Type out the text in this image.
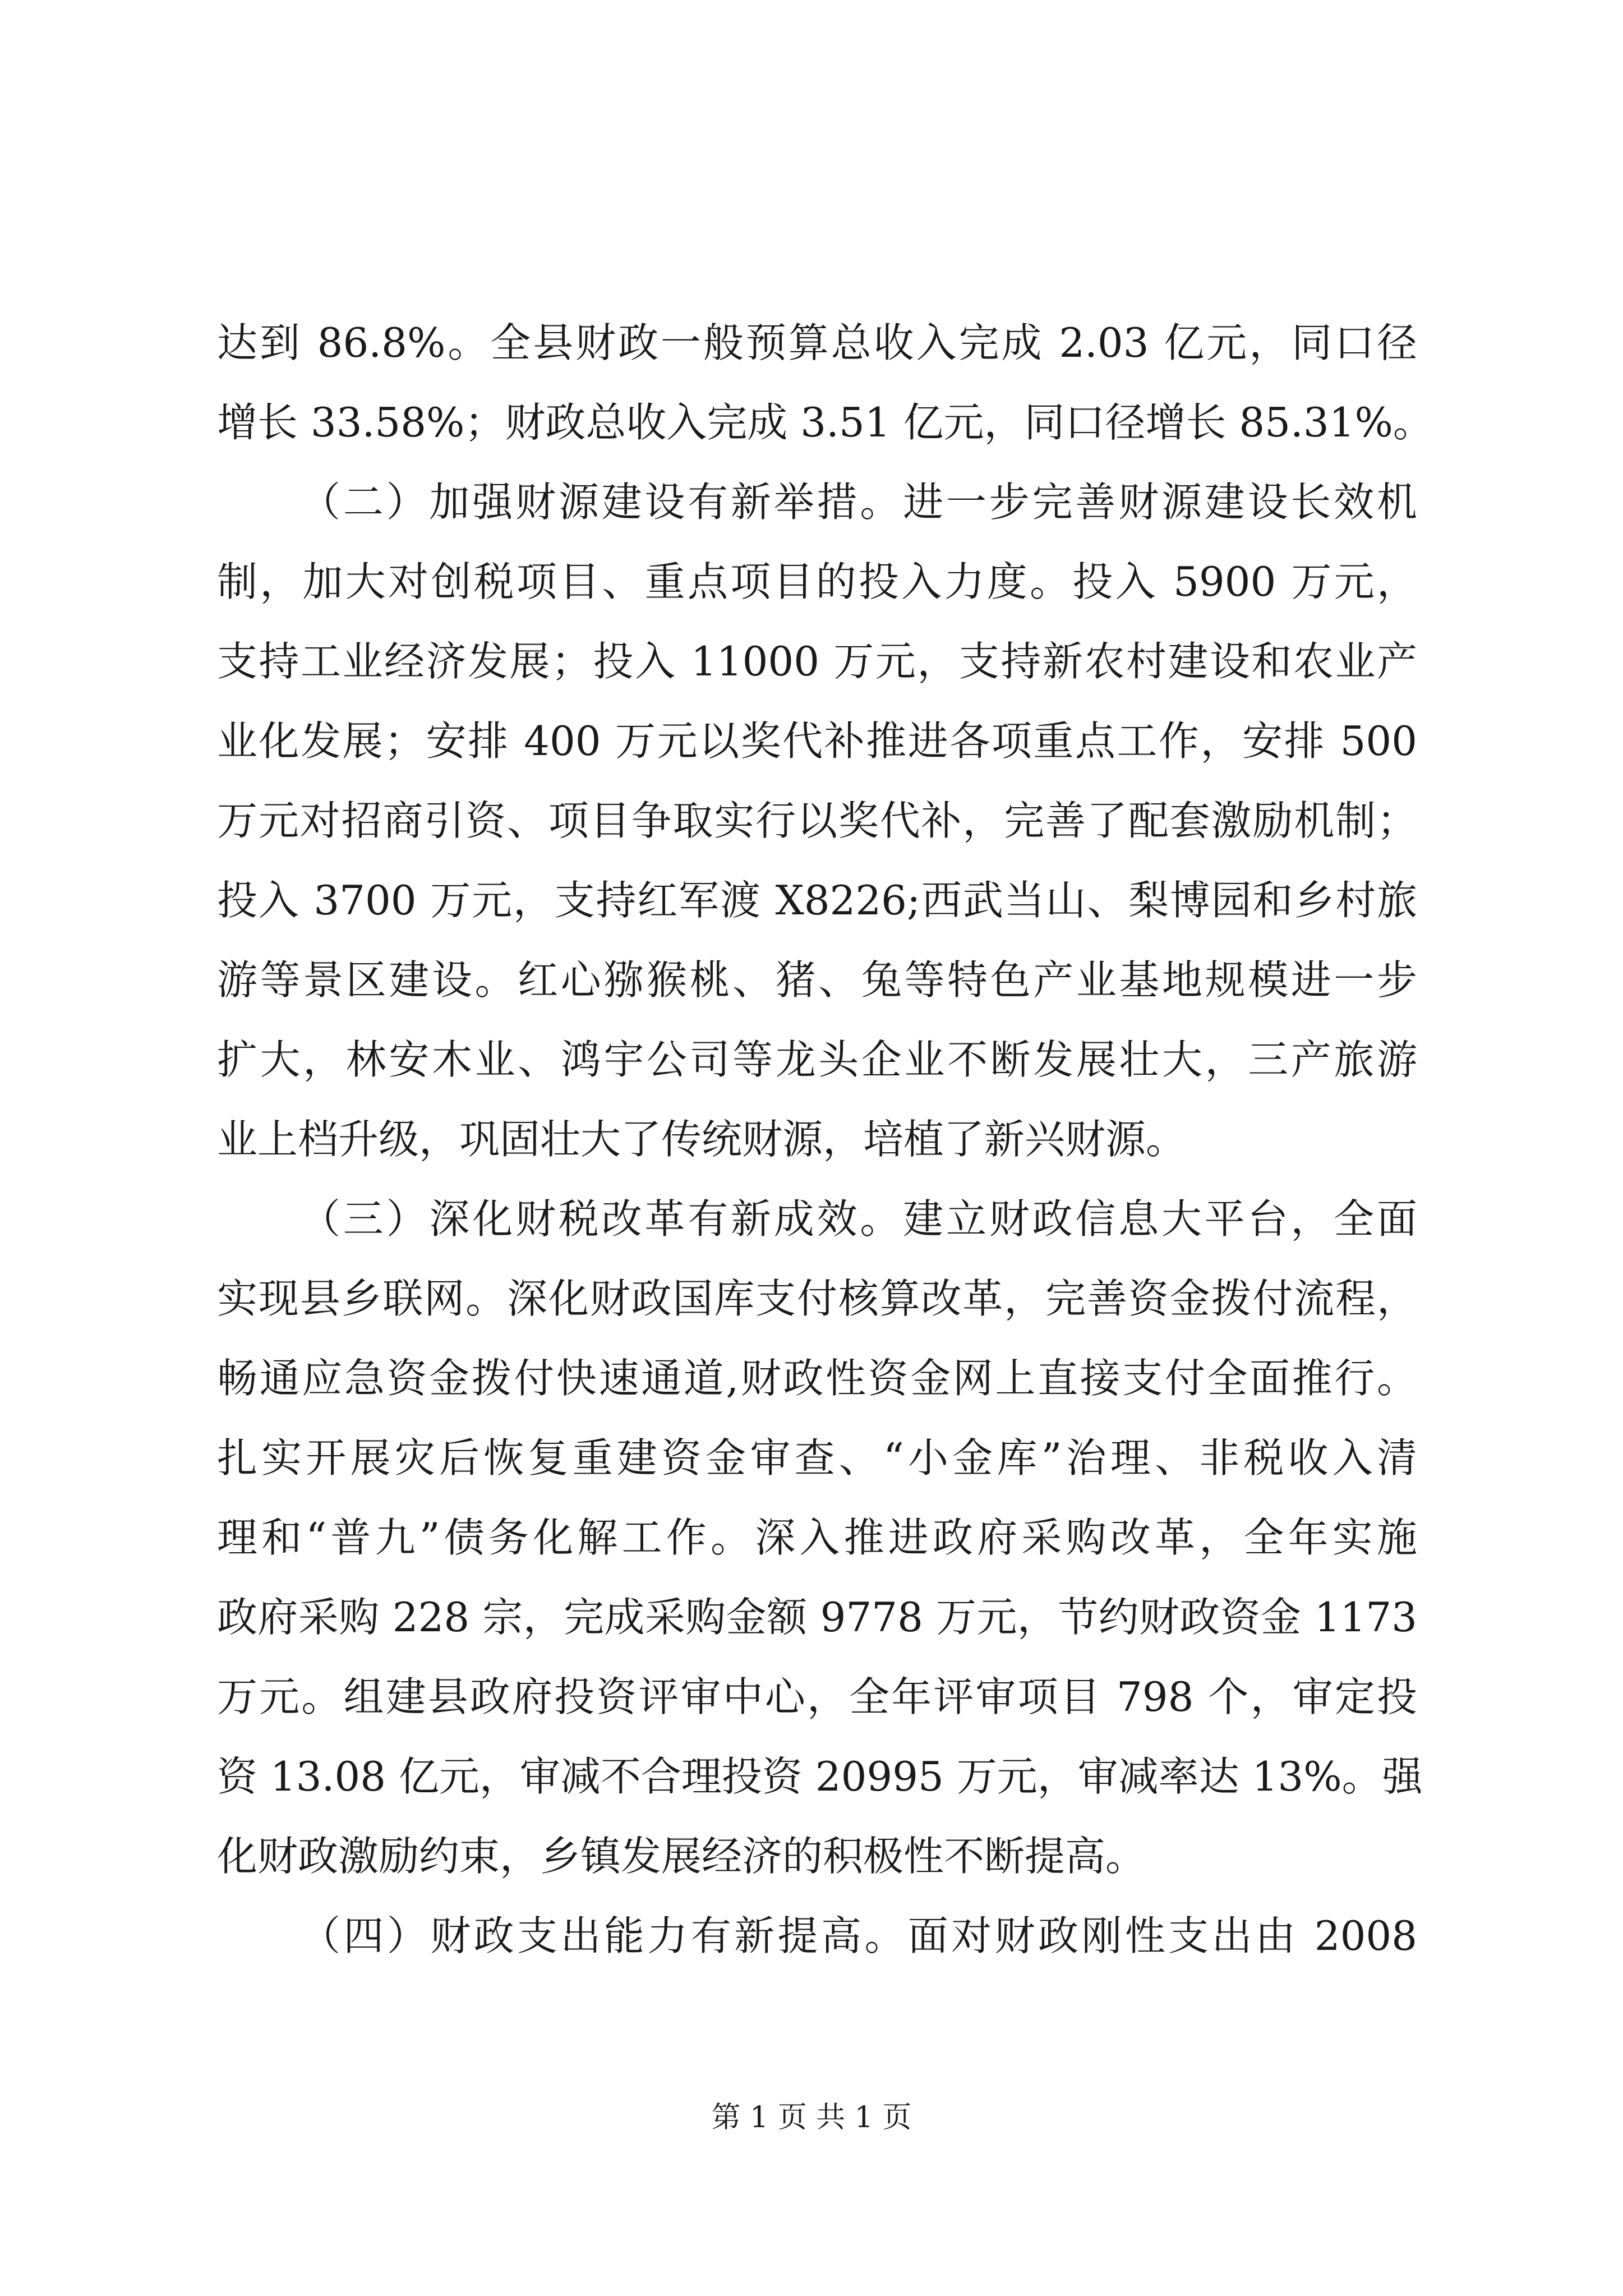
达到 86.8%。全县财政一般预算总收入完成 2.03 亿元，同口径
增长 33.58%；财政总收入完成 3.51 亿元，同口径增长 85.31%。
（二）加强财源建设有新举措。进一步完善财源建设长效机
制，加大对创税项目、重点项目的投入力度。投入 5900 万元，
支持工业经济发展；投入 11000 万元，支持新农村建设和农业产
业化发展；安排 400 万元以奖代补推进各项重点工作，安排 500
万元对招商引资、项目争取实行以奖代补，完善了配套激励机制；
投入 3700 万元，支持红军渡 X8226;西武当山、梨博园和乡村旅
游等景区建设。红心猕猴桃、猪、兔等特色产业基地规模进一步
扩大，林安木业、鸿宇公司等龙头企业不断发展壮大，三产旅游
业上档升级，巩固壮大了传统财源，培植了新兴财源。
（三）深化财税改革有新成效。建立财政信息大平台，全面
实现县乡联网。深化财政国库支付核算改革，完善资金拨付流程，
畅通应急资金拨付快速通道,财政性资金网上直接支付全面推行。
扎实开展灾后恢复重建资金审查、“小金库”治理、非税收入清
理和“普九”债务化解工作。深入推进政府采购改革，全年实施
政府采购 228 宗，完成采购金额 9778 万元，节约财政资金 1173
万元。组建县政府投资评审中心，全年评审项目 798 个，审定投
资 13.08 亿元，审减不合理投资 20995 万元，审减率达 13%。强
化财政激励约束，乡镇发展经济的积极性不断提高。
（四）财政支出能力有新提高。面对财政刚性支出由 2008
第 1 页 共 1 页
